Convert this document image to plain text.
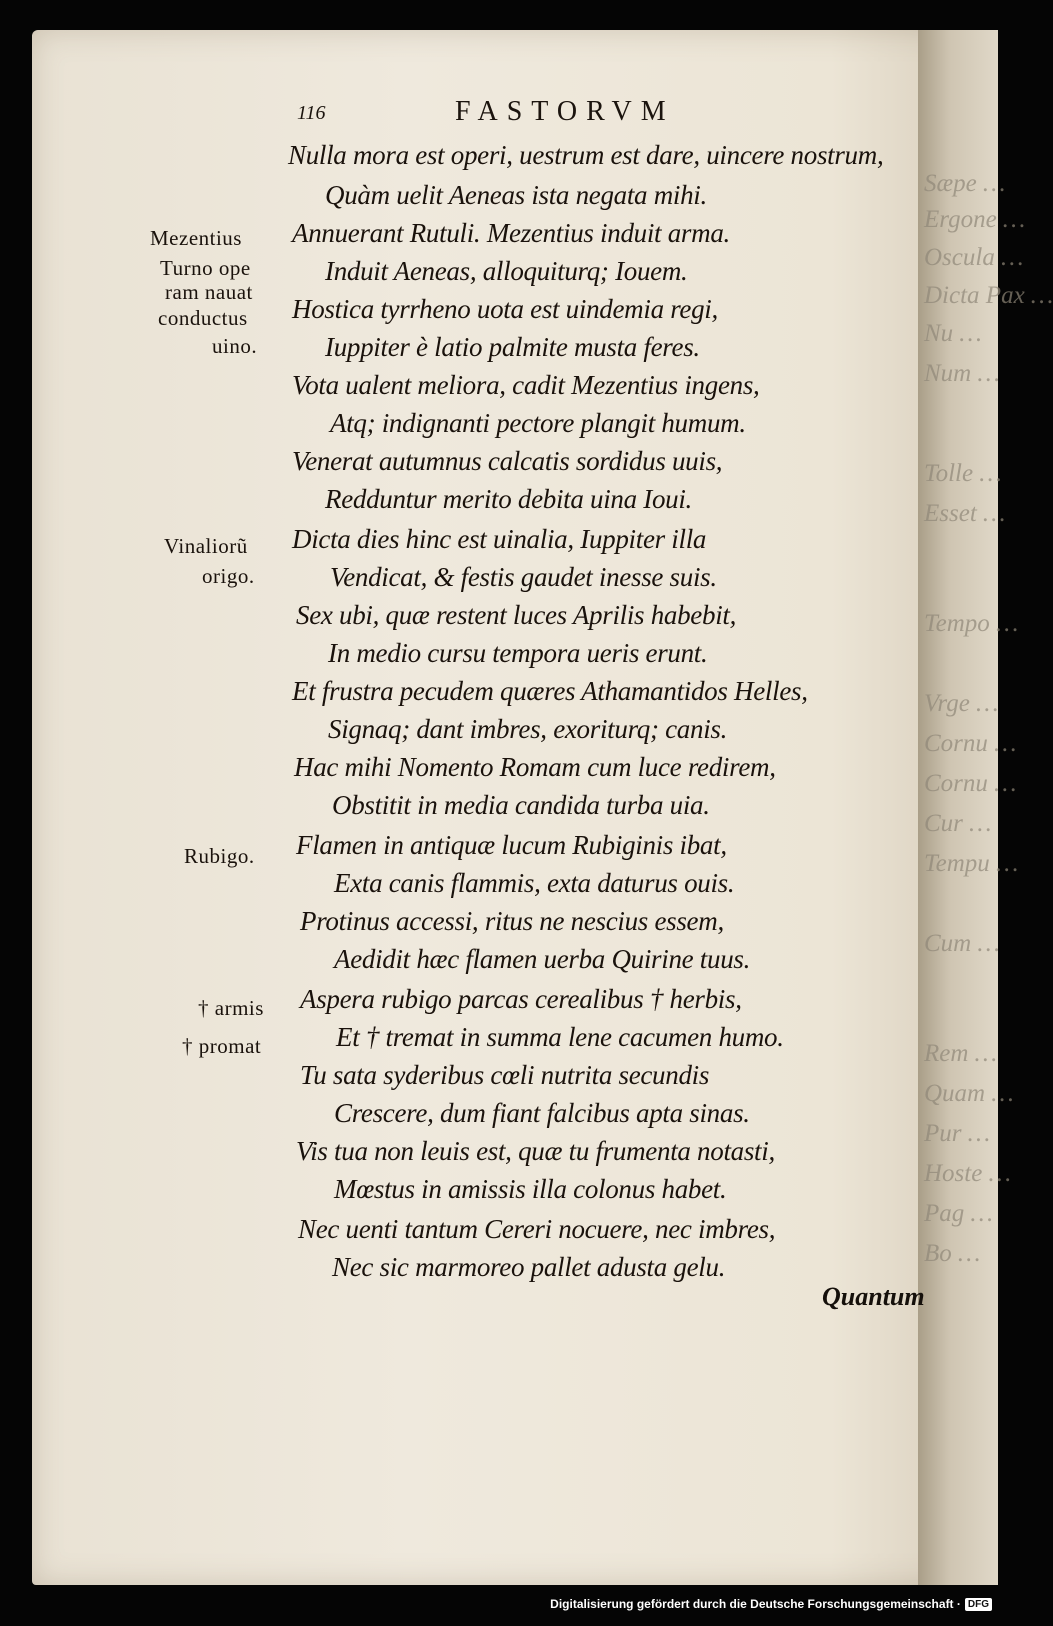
Sæpe …
Ergone …
Oscula …
Dicta Pax …
Nu …
Num …
Tolle …
Esset …
Tempo …
Vrge …
Cornu …
Cornu …
Cur …
Tempu …
Cum …
Rem …
Quam …
Pur …
Hoste …
Pag …
Bo …
116	FASTORVM
Nulla mora est operi, uestrum est dare, uincere nostrum,
Quàm uelit Aeneas ista negata mihi.
Annuerant Rutuli. Mezentius induit arma.
Induit Aeneas, alloquiturq; Iouem.
Hostica tyrrheno uota est uindemia regi,
Iuppiter è latio palmite musta feres.
Vota ualent meliora, cadit Mezentius ingens,
Atq; indignanti pectore plangit humum.
Venerat autumnus calcatis sordidus uuis,
Redduntur merito debita uina Ioui.
Dicta dies hinc est uinalia, Iuppiter illa
Vendicat, & festis gaudet inesse suis.
Sex ubi, quæ restent luces Aprilis habebit,
In medio cursu tempora ueris erunt.
Et frustra pecudem quæres Athamantidos Helles,
Signaq; dant imbres, exoriturq; canis.
Hac mihi Nomento Romam cum luce redirem,
Obstitit in media candida turba uia.
Flamen in antiquæ lucum Rubiginis ibat,
Exta canis flammis, exta daturus ouis.
Protinus accessi, ritus ne nescius essem,
Aedidit hæc flamen uerba Quirine tuus.
Aspera rubigo parcas cerealibus † herbis,
Et † tremat in summa lene cacumen humo.
Tu sata syderibus cœli nutrita secundis
Crescere, dum fiant falcibus apta sinas.
Vis tua non leuis est, quæ tu frumenta notasti,
Mœstus in amissis illa colonus habet.
Nec uenti tantum Cereri nocuere, nec imbres,
Nec sic marmoreo pallet adusta gelu.
Mezentius
Turno ope
ram nauat
conductus
uino.
Vinaliorũ
origo.
Rubigo.
† armis
† promat
Quantum
Digitalisierung gefördert durch die Deutsche Forschungsgemeinschaft · DFG
